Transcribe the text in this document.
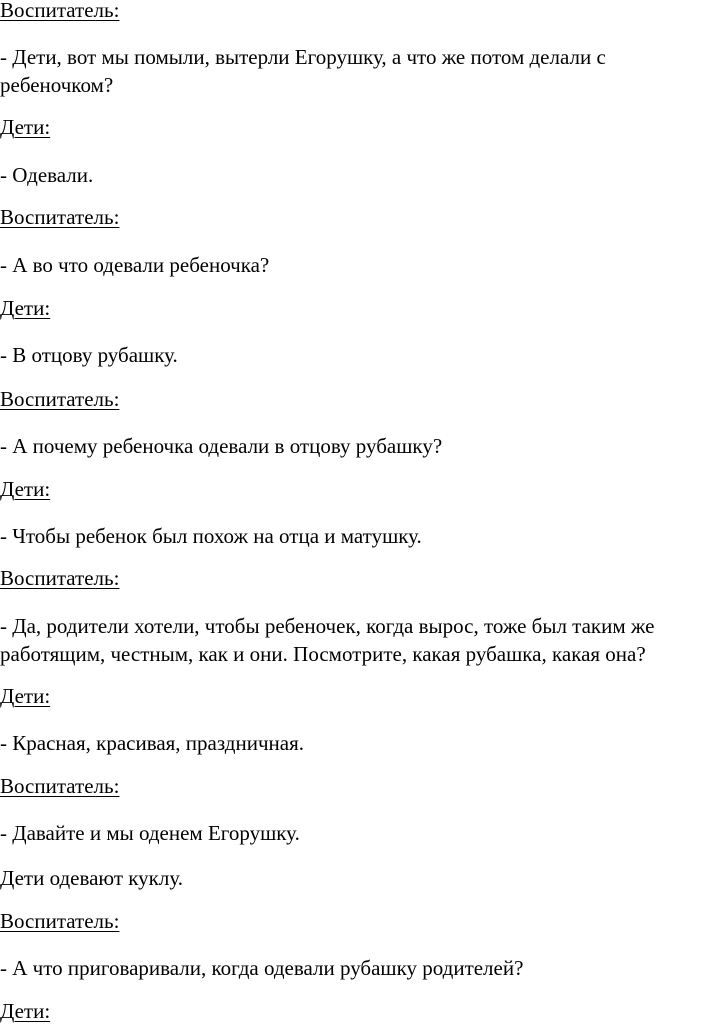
Воспитатель:

- Дети, вот мы помыли, вытерли Егорушку, а что же потом делали с

ребеночком?

Дети:

- Одевали.

Воспитатель:

- А во что одевали ребеночка?

Дети:

- В отцову рубашку.

Воспитатель:

- А почему ребеночка одевали в отцову рубашку?

Дети:

- Чтобы ребенок был похож на отца и матушку.

Воспитатель:

- Да, родители хотели, чтобы ребеночек, когда вырос, тоже был таким же

работящим, честным, как и они. Посмотрите, какая рубашка, какая она?

Дети:

- Красная, красивая, праздничная.

Воспитатель:

- Давайте и мы оденем Егорушку.

Дети одевают куклу.

Воспитатель:

- А что приговаривали, когда одевали рубашку родителей?

Дети:
